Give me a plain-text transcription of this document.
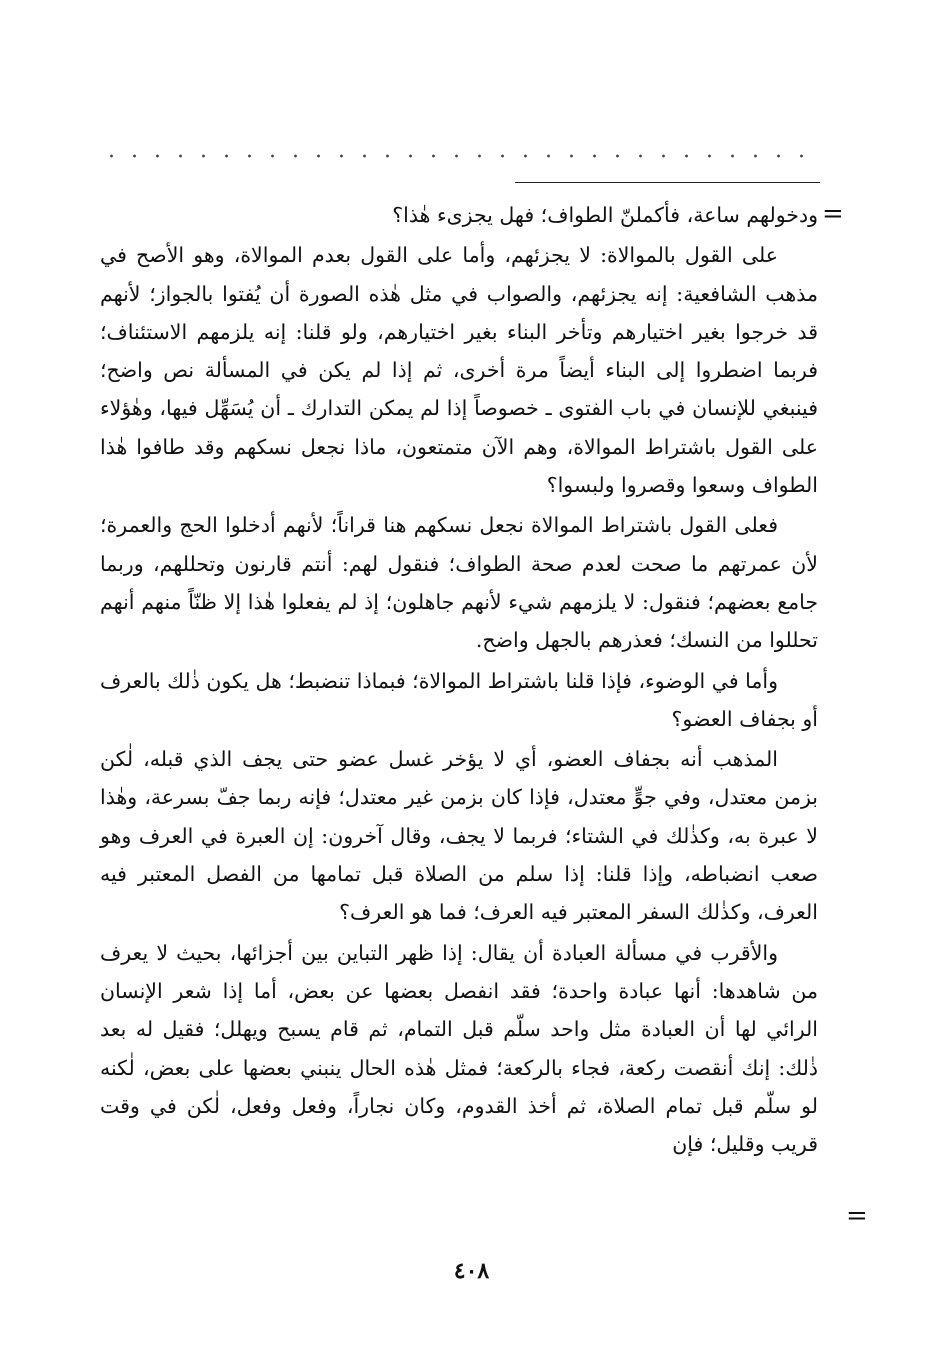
=

ودخولهم ساعة، فأكملنّ الطواف؛ فهل يجزىء هٰذا؟

على القول بالموالاة: لا يجزئهم، وأما على القول بعدم الموالاة، وهو الأصح في مذهب الشافعية: إنه يجزئهم، والصواب في مثل هٰذه الصورة أن يُفتوا بالجواز؛ لأنهم قد خرجوا بغير اختيارهم وتأخر البناء بغير اختيارهم، ولو قلنا: إنه يلزمهم الاستئناف؛ فربما اضطروا إلى البناء أيضاً مرة أخرى، ثم إذا لم يكن في المسألة نص واضح؛ فينبغي للإنسان في باب الفتوى ـ خصوصاً إذا لم يمكن التدارك ـ أن يُسَهِّل فيها، وهٰؤلاء على القول باشتراط الموالاة، وهم الآن متمتعون، ماذا نجعل نسكهم وقد طافوا هٰذا الطواف وسعوا وقصروا ولبسوا؟

فعلى القول باشتراط الموالاة نجعل نسكهم هنا قراناً؛ لأنهم أدخلوا الحج والعمرة؛ لأن عمرتهم ما صحت لعدم صحة الطواف؛ فنقول لهم: أنتم قارنون وتحللهم، وربما جامع بعضهم؛ فنقول: لا يلزمهم شيء لأنهم جاهلون؛ إذ لم يفعلوا هٰذا إلا ظنّاً منهم أنهم تحللوا من النسك؛ فعذرهم بالجهل واضح.

وأما في الوضوء، فإذا قلنا باشتراط الموالاة؛ فبماذا تنضبط؛ هل يكون ذٰلك بالعرف أو بجفاف العضو؟

المذهب أنه بجفاف العضو، أي لا يؤخر غسل عضو حتى يجف الذي قبله، لٰكن بزمن معتدل، وفي جوٍّ معتدل، فإذا كان بزمن غير معتدل؛ فإنه ربما جفّ بسرعة، وهٰذا لا عبرة به، وكذٰلك في الشتاء؛ فربما لا يجف، وقال آخرون: إن العبرة في العرف وهو صعب انضباطه، وإذا قلنا: إذا سلم من الصلاة قبل تمامها من الفصل المعتبر فيه العرف، وكذٰلك السفر المعتبر فيه العرف؛ فما هو العرف؟

والأقرب في مسألة العبادة أن يقال: إذا ظهر التباين بين أجزائها، بحيث لا يعرف من شاهدها: أنها عبادة واحدة؛ فقد انفصل بعضها عن بعض، أما إذا شعر الإنسان الرائي لها أن العبادة مثل واحد سلّم قبل التمام، ثم قام يسبح ويهلل؛ فقيل له بعد ذٰلك: إنك أنقصت ركعة، فجاء بالركعة؛ فمثل هٰذه الحال ينبني بعضها على بعض، لٰكنه لو سلّم قبل تمام الصلاة، ثم أخذ القدوم، وكان نجاراً، وفعل وفعل، لٰكن في وقت قريب وقليل؛ فإن

=
٤٠٨
